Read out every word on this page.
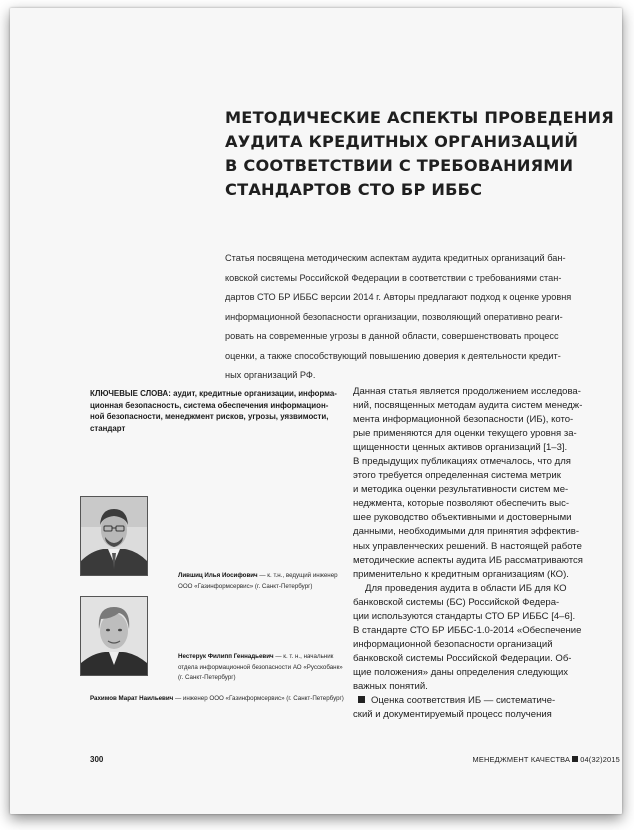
МЕТОДИЧЕСКИЕ АСПЕКТЫ ПРОВЕДЕНИЯ
АУДИТА КРЕДИТНЫХ ОРГАНИЗАЦИЙ
В СООТВЕТСТВИИ С ТРЕБОВАНИЯМИ
СТАНДАРТОВ СТО БР ИББС
Статья посвящена методическим аспектам аудита кредитных организаций бан-
ковской системы Российской Федерации в соответствии с требованиями стан-
дартов СТО БР ИББС версии 2014 г. Авторы предлагают подход к оценке уровня
информационной безопасности организации, позволяющий оперативно реаги-
ровать на современные угрозы в данной области, совершенствовать процесс
оценки, а также способствующий повышению доверия к деятельности кредит-
ных организаций РФ.
КЛЮЧЕВЫЕ СЛОВА: аудит, кредитные организации, информа-
ционная безопасность, система обеспечения информацион-
ной безопасности, менеджмент рисков, угрозы, уязвимости,
стандарт
Лившиц Илья Иосифович — к. т.н., ведущий инженер
ООО «Газинформсервис» (г. Санкт-Петербург)
Нестерук Филипп Геннадьевич — к. т. н., начальник
отдела информационной безопасности АО «Русскобанк»
(г. Санкт-Петербург)
Рахимов Марат Наильевич — инженер ООО «Газинформсервис» (г. Санкт-Петербург)
Данная статья является продолжением исследова-
ний, посвященных методам аудита систем менедж-
мента информационной безопасности (ИБ), кото-
рые применяются для оценки текущего уровня за-
щищенности ценных активов организаций [1–3].
В предыдущих публикациях отмечалось, что для
этого требуется определенная система метрик
и методика оценки результативности систем ме-
неджмента, которые позволяют обеспечить выс-
шее руководство объективными и достоверными
данными, необходимыми для принятия эффектив-
ных управленческих решений. В настоящей работе
методические аспекты аудита ИБ рассматриваются
применительно к кредитным организациям (КО).
Для проведения аудита в области ИБ для КО
банковской системы (БС) Российской Федера-
ции используются стандарты СТО БР ИББС [4–6].
В стандарте СТО БР ИББС-1.0-2014 «Обеспечение
информационной безопасности организаций
банковской системы Российской Федерации. Об-
щие положения» даны определения следующих
важных понятий.
Оценка соответствия ИБ — систематиче-
ский и документируемый процесс получения
300	МЕНЕДЖМЕНТ КАЧЕСТВА 04(32)2015
